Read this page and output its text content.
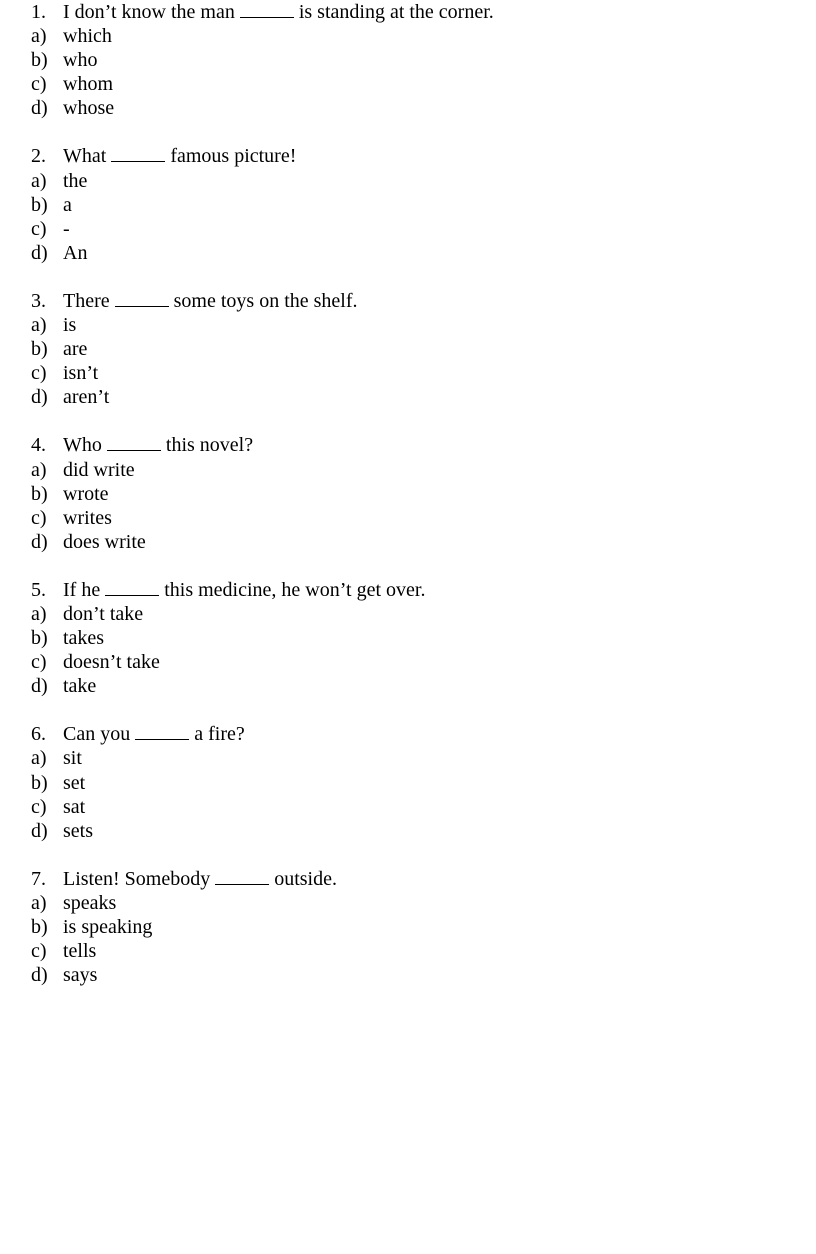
1. I don’t know the man	is standing at the corner.
a) which
b) who
c) whom
d) whose
2. What	famous picture!
a) the
b) a
c) -
d) An
3. There	some toys on the shelf.
a) is
b) are
c) isn’t
d) aren’t
4. Who	this novel?
a) did write
b) wrote
c) writes
d) does write
5. If he	this medicine, he won’t get over.
a) don’t take
b) takes
c) doesn’t take
d) take
6. Can you	a fire?
a) sit
b) set
c) sat
d) sets
7. Listen! Somebody	outside.
a) speaks
b) is speaking
c) tells
d) says
